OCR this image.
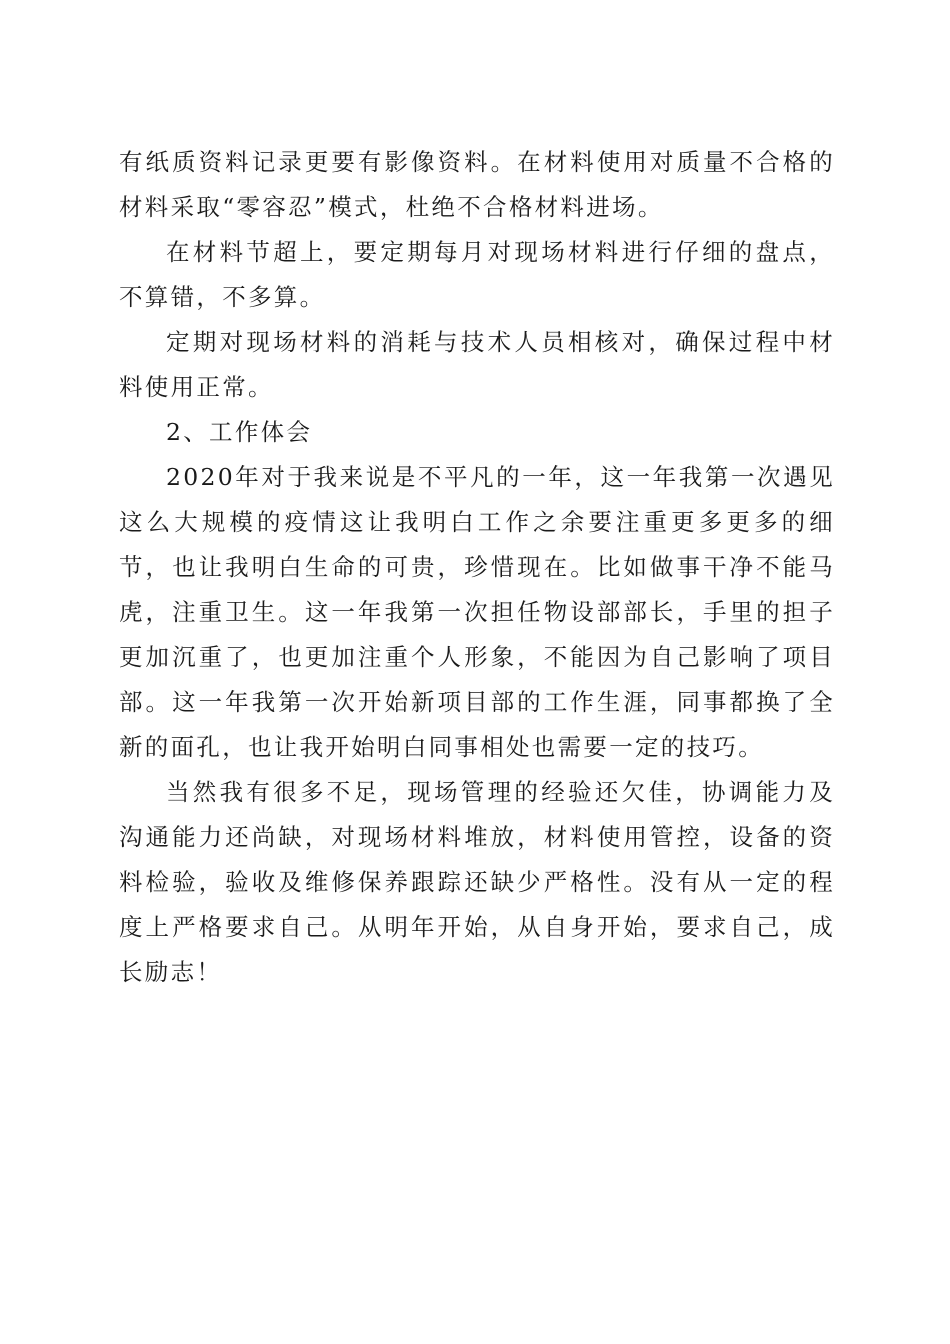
有纸质资料记录更要有影像资料。在材料使用对质量不合格的材料采取“零容忍”模式，杜绝不合格材料进场。

在材料节超上，要定期每月对现场材料进行仔细的盘点，不算错，不多算。

定期对现场材料的消耗与技术人员相核对，确保过程中材料使用正常。

2、工作体会

2020年对于我来说是不平凡的一年，这一年我第一次遇见这么大规模的疫情这让我明白工作之余要注重更多更多的细节，也让我明白生命的可贵，珍惜现在。比如做事干净不能马虎，注重卫生。这一年我第一次担任物设部部长，手里的担子更加沉重了，也更加注重个人形象，不能因为自己影响了项目部。这一年我第一次开始新项目部的工作生涯，同事都换了全新的面孔，也让我开始明白同事相处也需要一定的技巧。

当然我有很多不足，现场管理的经验还欠佳，协调能力及沟通能力还尚缺，对现场材料堆放，材料使用管控，设备的资料检验，验收及维修保养跟踪还缺少严格性。没有从一定的程度上严格要求自己。从明年开始，从自身开始，要求自己，成长励志！
